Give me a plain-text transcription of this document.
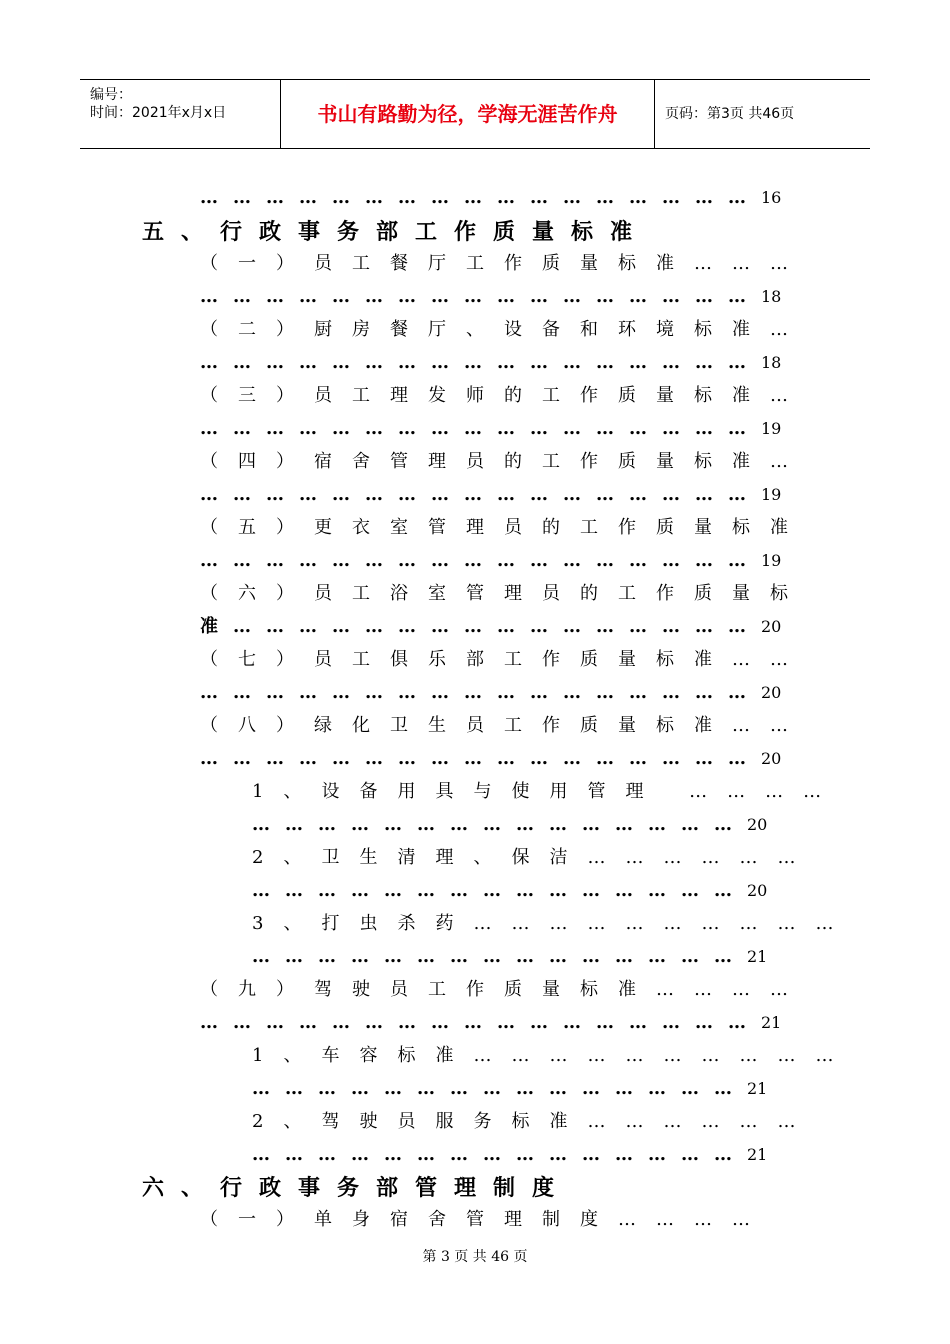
编号：
时间：2021年x月x日	书山有路勤为径，学海无涯苦作舟	页码：第3页 共46页
……………………………………………16
五、行政事务部工作质量标准
（一）员工餐厅工作质量标准………
……………………………………………18
（二）厨房餐厅、设备和环境标准…
……………………………………………18
（三）员工理发师的工作质量标准…
……………………………………………19
（四）宿舍管理员的工作质量标准…
……………………………………………19
（五）更衣室管理员的工作质量标准
……………………………………………19
（六）员工浴室管理员的工作质量标
准…………………………………………20
（七）员工俱乐部工作质量标准……
……………………………………………20
（八）绿化卫生员工作质量标准……
……………………………………………20
1、设备用具与使用管理 …………
………………………………………20
2、卫生清理、保洁………………
………………………………………20
3、打虫杀药…………………………
………………………………………21
（九）驾驶员工作质量标准…………
……………………………………………21
1、车容标准…………………………
………………………………………21
2、驾驶员服务标准………………
………………………………………21
六、行政事务部管理制度
（一）单身宿舍管理制度…………
第 3 页 共 46 页
